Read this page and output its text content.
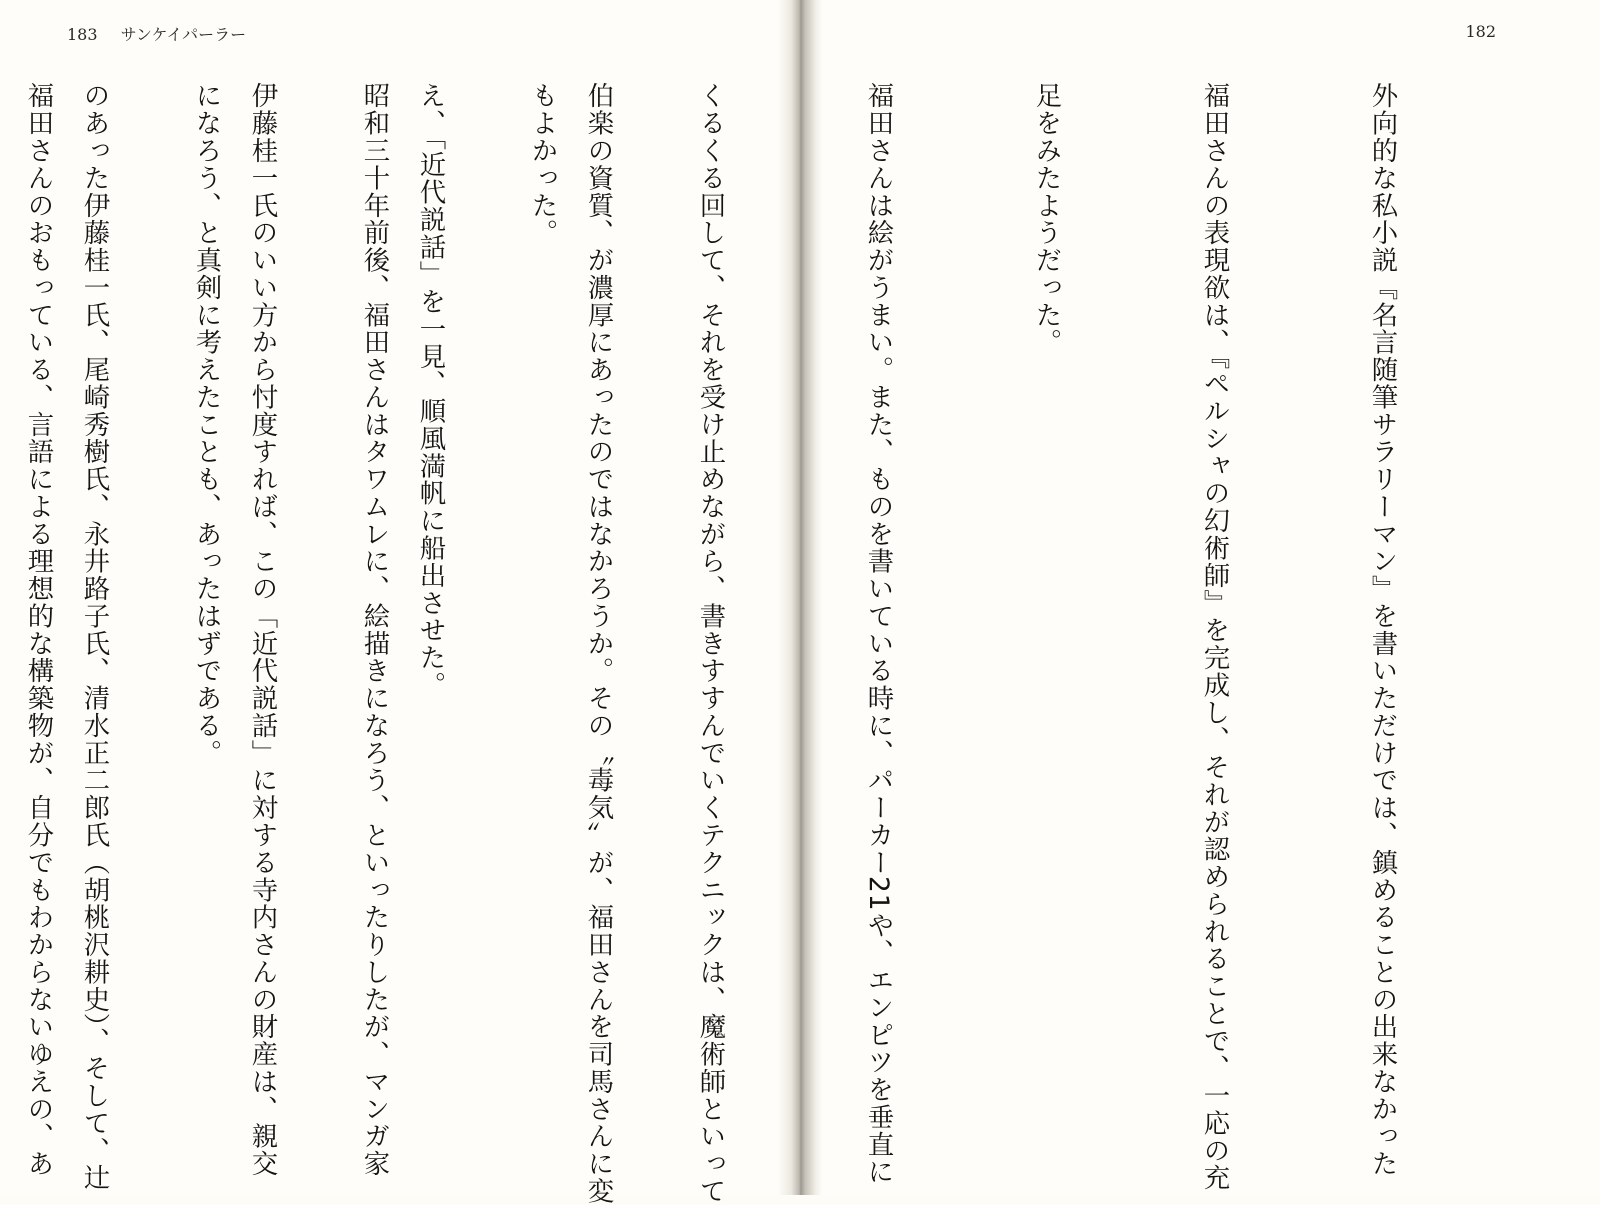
183 サンケイパーラー

伯楽の資質、が濃厚にあったのではなかろうか。その〝毒気〟が、福田さんを司馬さんに変

え、「近代説話」を一見、順風満帆に船出させた。

伊藤桂一氏のいい方から忖度すれば、この「近代説話」に対する寺内さんの財産は、親交

のあった伊藤桂一氏、尾崎秀樹氏、永井路子氏、清水正二郎氏（胡桃沢耕史）、そして、辻

182

外向的な私小説『名言随筆サラリーマン』を書いただけでは、鎮めることの出来なかった

福田さんの表現欲は、『ペルシャの幻術師』を完成し、それが認められることで、一応の充

足をみたようだった。

福田さんは絵がうまい。また、ものを書いている時に、パーカー21や、エンピツを垂直に

くるくる回して、それを受け止めながら、書きすすんでいくテクニックは、魔術師といって

もよかった。

昭和三十年前後、福田さんはタワムレに、絵描きになろう、といったりしたが、マンガ家

になろう、と真剣に考えたことも、あったはずである。

福田さんのおもっている、言語による理想的な構築物が、自分でもわからないゆえの、あ
